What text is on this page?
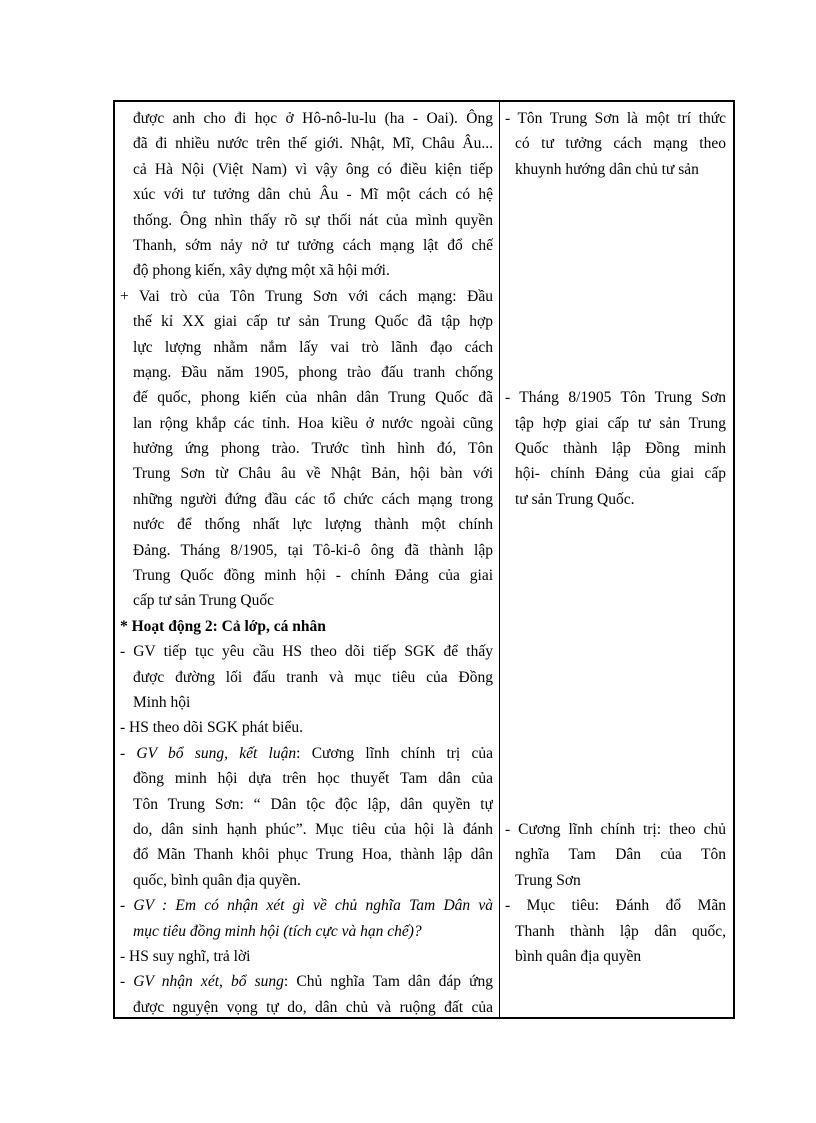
được anh cho đi học ở Hô-nô-lu-lu (ha - Oai). Ông
đã đi nhiều nước trên thế giới. Nhật, Mĩ, Châu Âu...
cả Hà Nội (Việt Nam) vì vậy ông có điều kiện tiếp
xúc với tư tưởng dân chủ Âu - Mĩ một cách có hệ
thống. Ông nhìn thấy rõ sự thối nát của mình quyền
Thanh, sớm nảy nở tư tưởng cách mạng lật đổ chế
độ phong kiến, xây dựng một xã hội mới.
+ Vai trò của Tôn Trung Sơn với cách mạng: Đầu
thế kỉ XX giai cấp tư sản Trung Quốc đã tập hợp
lực lượng nhằm nắm lấy vai trò lãnh đạo cách
mạng. Đầu năm 1905, phong trào đấu tranh chống
đế quốc, phong kiến của nhân dân Trung Quốc đã
lan rộng khắp các tỉnh. Hoa kiều ở nước ngoài cũng
hưởng ứng phong trào. Trước tình hình đó, Tôn
Trung Sơn từ Châu âu về Nhật Bản, hội bàn với
những người đứng đầu các tổ chức cách mạng trong
nước để thống nhất lực lượng thành một chính
Đảng. Tháng 8/1905, tại Tô-ki-ô ông đã thành lập
Trung Quốc đồng minh hội - chính Đảng của giai
cấp tư sản Trung Quốc
* Hoạt động 2: Cả lớp, cá nhân
- GV tiếp tục yêu cầu HS theo dõi tiếp SGK để thấy
được đường lối đấu tranh và mục tiêu của Đồng
Minh hội
- HS theo dõi SGK phát biểu.
- GV bổ sung, kết luận: Cương lĩnh chính trị của
đồng minh hội dựa trên học thuyết Tam dân của
Tôn Trung Sơn: “ Dân tộc độc lập, dân quyền tự
do, dân sinh hạnh phúc”. Mục tiêu của hội là đánh
đổ Mãn Thanh khôi phục Trung Hoa, thành lập dân
quốc, bình quân địa quyền.
- GV : Em có nhận xét gì về chủ nghĩa Tam Dân và
mục tiêu đồng minh hội (tích cực và hạn chế)?
- HS suy nghĩ, trả lời
- GV nhận xét, bổ sung: Chủ nghĩa Tam dân đáp ứng
được nguyện vọng tự do, dân chủ và ruộng đất của
- Tôn Trung Sơn là một trí thức
có tư tưởng cách mạng theo
khuynh hướng dân chủ tư sản
- Tháng 8/1905 Tôn Trung Sơn
tập hợp giai cấp tư sản Trung
Quốc thành lập Đồng minh
hội- chính Đảng của giai cấp
tư sản Trung Quốc.
- Cương lĩnh chính trị: theo chủ
nghĩa Tam Dân của Tôn
Trung Sơn
- Mục tiêu: Đánh đổ Mãn
Thanh thành lập dân quốc,
bình quân địa quyền
